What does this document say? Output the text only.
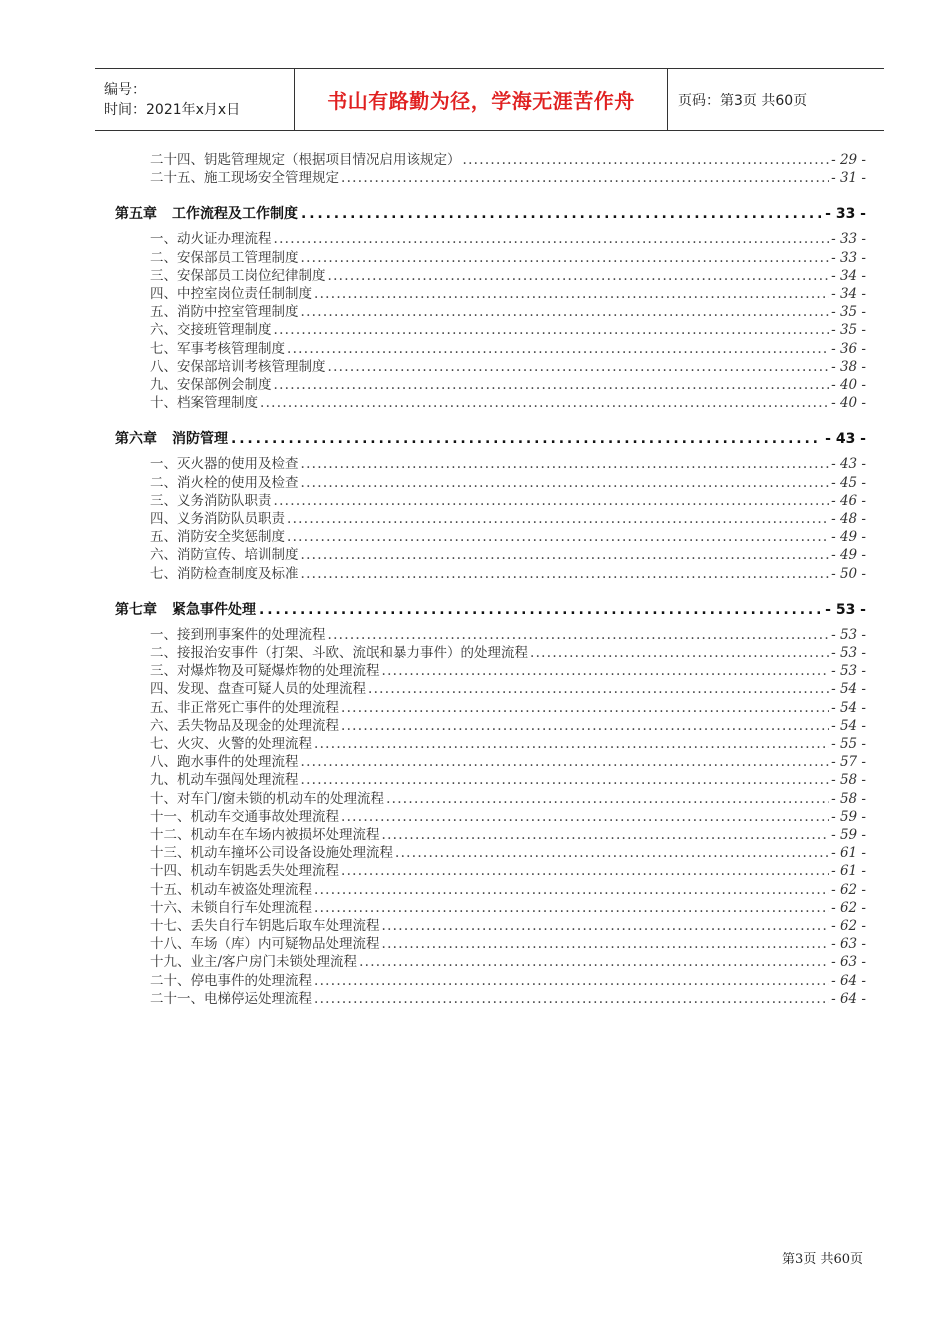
编号：
时间：2021年x月x日	书山有路勤为径，学海无涯苦作舟	页码：第3页 共60页
二十四、钥匙管理规定（根据项目情况启用该规定） . . .	- 29 -
二十五、施工现场安全管理规定 . . .	- 31 -
第五章	工作流程及工作制度 . . .	- 33 -
一、动火证办理流程 . . .	- 33 -
二、安保部员工管理制度 . . .	- 33 -
三、安保部员工岗位纪律制度 . . .	- 34 -
四、中控室岗位责任制制度 . . .	- 34 -
五、消防中控室管理制度 . . .	- 35 -
六、交接班管理制度 . . .	- 35 -
七、军事考核管理制度 . . .	- 36 -
八、安保部培训考核管理制度 . . .	- 38 -
九、安保部例会制度 . . .	- 40 -
十、档案管理制度 . . .	- 40 -
第六章	消防管理 . . .	- 43 -
一、灭火器的使用及检查 . . .	- 43 -
二、消火栓的使用及检查 . . .	- 45 -
三、义务消防队职责 . . .	- 46 -
四、义务消防队员职责 . . .	- 48 -
五、消防安全奖惩制度 . . .	- 49 -
六、消防宣传、培训制度 . . .	- 49 -
七、消防检查制度及标准 . . .	- 50 -
第七章	紧急事件处理 . . .	- 53 -
一、接到刑事案件的处理流程 . . .	- 53 -
二、接报治安事件（打架、斗欧、流氓和暴力事件）的处理流程 . . .	- 53 -
三、对爆炸物及可疑爆炸物的处理流程 . . .	- 53 -
四、发现、盘查可疑人员的处理流程 . . .	- 54 -
五、非正常死亡事件的处理流程 . . .	- 54 -
六、丢失物品及现金的处理流程 . . .	- 54 -
七、火灾、火警的处理流程 . . .	- 55 -
八、跑水事件的处理流程 . . .	- 57 -
九、机动车强闯处理流程 . . .	- 58 -
十、对车门/窗未锁的机动车的处理流程 . . .	- 58 -
十一、机动车交通事故处理流程 . . .	- 59 -
十二、机动车在车场内被损坏处理流程 . . .	- 59 -
十三、机动车撞坏公司设备设施处理流程 . . .	- 61 -
十四、机动车钥匙丢失处理流程 . . .	- 61 -
十五、机动车被盗处理流程 . . .	- 62 -
十六、未锁自行车处理流程 . . .	- 62 -
十七、丢失自行车钥匙后取车处理流程 . . .	- 62 -
十八、车场（库）内可疑物品处理流程 . . .	- 63 -
十九、业主/客户房门未锁处理流程 . . .	- 63 -
二十、停电事件的处理流程 . . .	- 64 -
二十一、电梯停运处理流程 . . .	- 64 -
第3页 共60页
